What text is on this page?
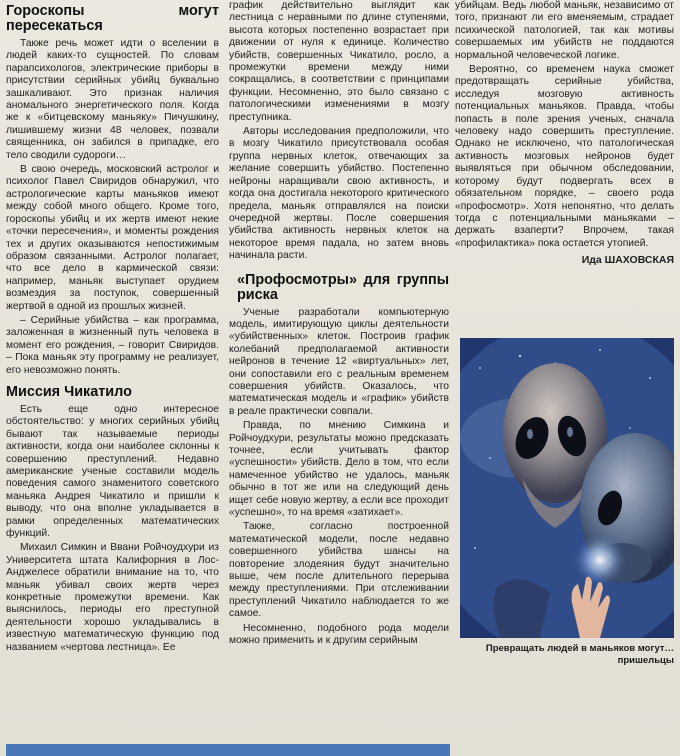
Гороскопы могут пересекаться

Также речь может идти о вселении в людей каких-то сущностей. По словам парапсихологов, электрические приборы в присутствии серийных убийц буквально зашкаливают. Это признак наличия аномального энергетического поля. Когда же к «битцевскому маньяку» Пичушкину, лишившему жизни 48 человек, позвали священника, он забился в припадке, его тело сводили судороги…

В свою очередь, московский астролог и психолог Павел Свиридов обнаружил, что астрологические карты маньяков имеют между собой много общего. Кроме того, гороскопы убийц и их жертв имеют некие «точки пересечения», и моменты рождения тех и других оказываются непостижимым образом связанными. Астролог полагает, что все дело в кармической связи: например, маньяк выступает орудием возмездия за поступок, совершенный жертвой в одной из прошлых жизней.

– Серийные убийства – как программа, заложенная в жизненный путь человека в момент его рождения, – говорит Свиридов. – Пока маньяк эту программу не реализует, его невозможно понять.

Миссия Чикатило

Есть еще одно интересное обстоятельство: у многих серийных убийц бывают так называемые периоды активности, когда они наиболее склонны к совершению преступлений. Недавно американские ученые составили модель поведения самого знаменитого советского маньяка Андрея Чикатило и пришли к выводу, что она вполне укладывается в рамки определенных математических функций.

Михаил Симкин и Ввани Ройчоудхури из Университета штата Калифорния в Лос-Анджелесе обратили внимание на то, что маньяк убивал своих жертв через конкретные промежутки времени. Как выяснилось, периоды его преступной деятельности хорошо укладывались в известную математическую функцию под названием «чертова лестница». Ее

график действительно выглядит как лестница с неравными по длине ступенями, высота которых постепенно возрастает при движении от нуля к единице. Количество убийств, совершенных Чикатило, росло, а промежутки времени между ними сокращались, в соответствии с принципами функции. Несомненно, это было связано с патологическими изменениями в мозгу преступника.

Авторы исследования предположили, что в мозгу Чикатило присутствовала особая группа нервных клеток, отвечающих за желание совершить убийство. Постепенно нейроны наращивали свою активность, и когда она достигала некоторого критического предела, маньяк отправлялся на поиски очередной жертвы. После совершения убийства активность нервных клеток на некоторое время падала, но затем вновь начинала расти.

«Профосмотры» для группы риска

Ученые разработали компьютерную модель, имитирующую циклы деятельности «убийственных» клеток. Построив график колебаний предполагаемой активности нейронов в течение 12 «виртуальных» лет, они сопоставили его с реальным временем совершения убийств. Оказалось, что математическая модель и «график» убийств в реале практически совпали.

Правда, по мнению Симкина и Ройчоудхури, результаты можно предсказать точнее, если учитывать фактор «успешности» убийств. Дело в том, что если намеченное убийство не удалось, маньяк обычно в тот же или на следующий день ищет себе новую жертву, а если все проходит «успешно», то на время «затихает».

Также, согласно построенной математической модели, после недавно совершенного убийства шансы на повторение злодеяния будут значительно выше, чем после длительного перерыва между преступлениями. При отслеживании преступлений Чикатило наблюдается то же самое.

Несомненно, подобного рода модели можно применить и к другим серийным

убийцам. Ведь любой маньяк, независимо от того, признают ли его вменяемым, страдает психической патологией, так как мотивы совершаемых им убийств не поддаются нормальной человеческой логике.

Вероятно, со временем наука сможет предотвращать серийные убийства, исследуя мозговую активность потенциальных маньяков. Правда, чтобы попасть в поле зрения ученых, сначала человеку надо совершить преступление. Однако не исключено, что патологическая активность мозговых нейронов будет выявляться при обычном обследовании, которому будут подвергать всех в обязательном порядке, – своего рода «профосмотр». Хотя непонятно, что делать тогда с потенциальными маньяками – держать взаперти? Впрочем, такая «профилактика» пока остается утопией.

Ида ШАХОВСКАЯ
Превращать людей в маньяков могут… пришельцы
